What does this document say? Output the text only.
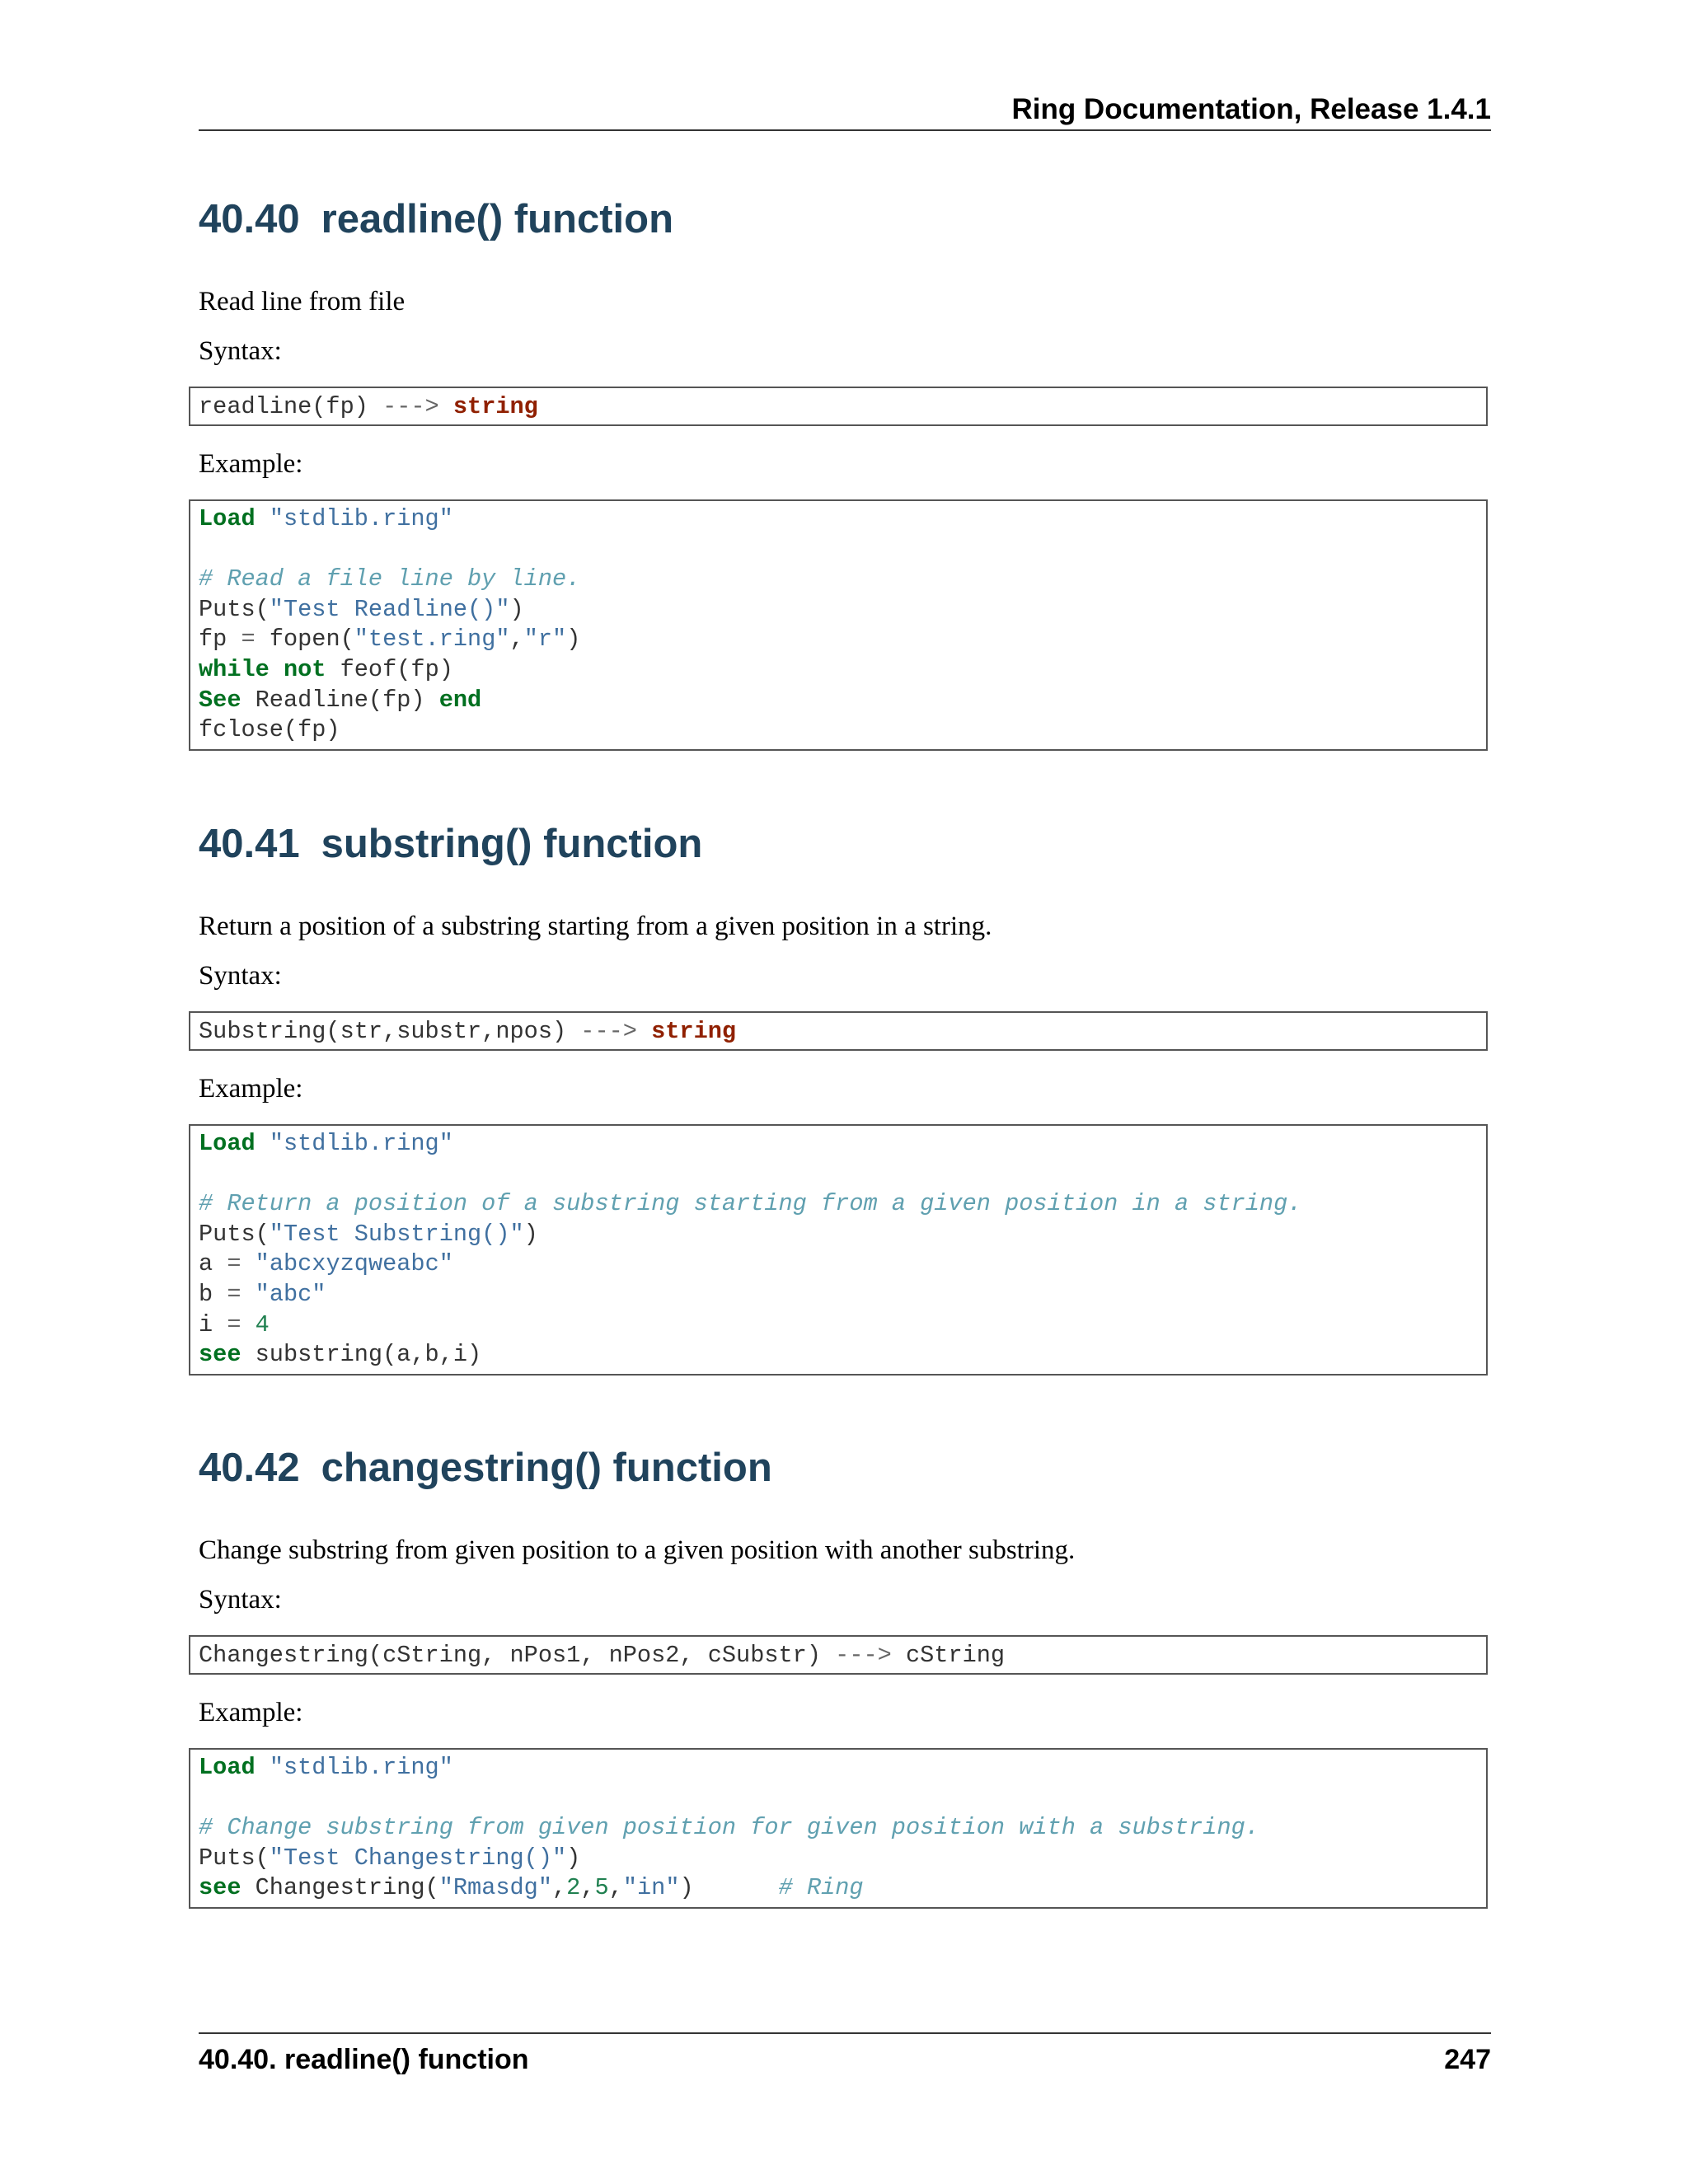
Ring Documentation, Release 1.4.1
40.40 readline() function

Read line from file

Syntax:

readline(fp) ---> string

Example:

Load "stdlib.ring"

# Read a file line by line.
Puts("Test Readline()")
fp = fopen("test.ring","r")
while not feof(fp)
See Readline(fp) end
fclose(fp)
40.41 substring() function

Return a position of a substring starting from a given position in a string.

Syntax:

Substring(str,substr,npos) ---> string

Example:

Load "stdlib.ring"

# Return a position of a substring starting from a given position in a string.
Puts("Test Substring()")
a = "abcxyzqweabc"
b = "abc"
i = 4
see substring(a,b,i)
40.42 changestring() function

Change substring from given position to a given position with another substring.

Syntax:

Changestring(cString, nPos1, nPos2, cSubstr) ---> cString

Example:

Load "stdlib.ring"

# Change substring from given position for given position with a substring.
Puts("Test Changestring()")
see Changestring("Rmasdg",2,5,"in")      # Ring
40.40. readline() function	247
